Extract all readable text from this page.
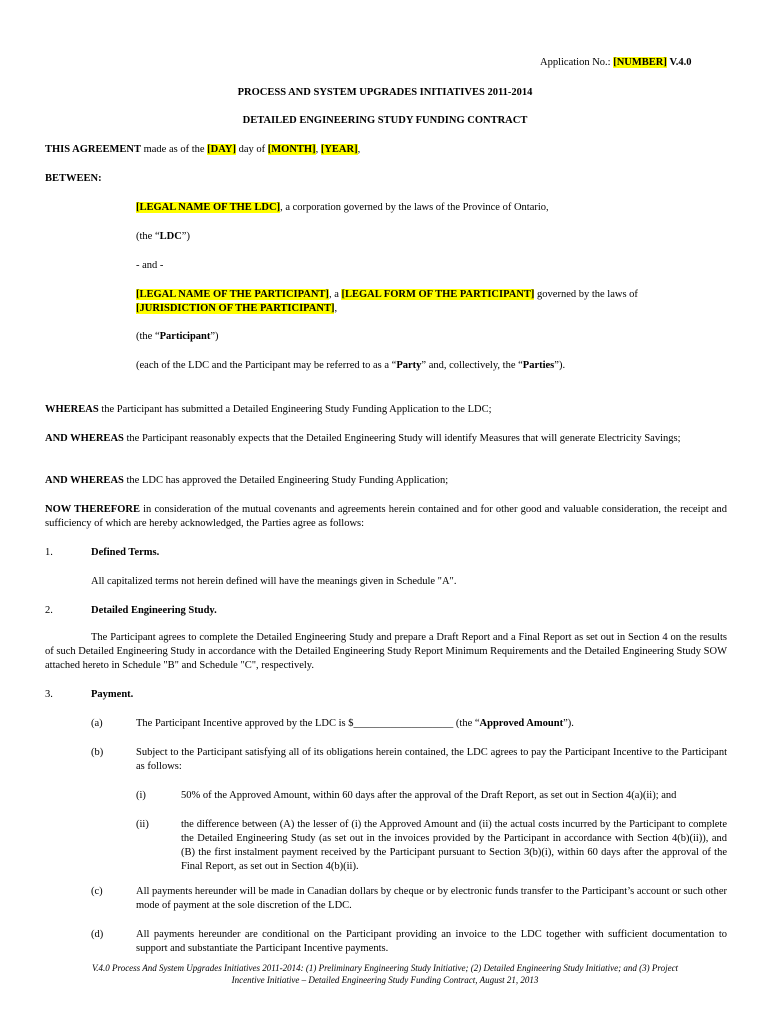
Application No.: [NUMBER] V.4.0
PROCESS AND SYSTEM UPGRADES INITIATIVES 2011-2014
DETAILED ENGINEERING STUDY FUNDING CONTRACT
THIS AGREEMENT made as of the [DAY] day of [MONTH], [YEAR],
BETWEEN:
[LEGAL NAME OF THE LDC], a corporation governed by the laws of the Province of Ontario,
(the “LDC”)
- and -
[LEGAL NAME OF THE PARTICIPANT], a [LEGAL FORM OF THE PARTICIPANT] governed by the laws of [JURISDICTION OF THE PARTICIPANT],
(the “Participant”)
(each of the LDC and the Participant may be referred to as a “Party” and, collectively, the “Parties”).
WHEREAS the Participant has submitted a Detailed Engineering Study Funding Application to the LDC;
AND WHEREAS the Participant reasonably expects that the Detailed Engineering Study will identify Measures that will generate Electricity Savings;
AND WHEREAS the LDC has approved the Detailed Engineering Study Funding Application;
NOW THEREFORE in consideration of the mutual covenants and agreements herein contained and for other good and valuable consideration, the receipt and sufficiency of which are hereby acknowledged, the Parties agree as follows:
1.	Defined Terms.
All capitalized terms not herein defined will have the meanings given in Schedule "A".
2.	Detailed Engineering Study.
The Participant agrees to complete the Detailed Engineering Study and prepare a Draft Report and a Final Report as set out in Section 4 on the results of such Detailed Engineering Study in accordance with the Detailed Engineering Study Report Minimum Requirements and the Detailed Engineering Study SOW attached hereto in Schedule "B" and Schedule "C", respectively.
3.	Payment.
(a)	The Participant Incentive approved by the LDC is $___________________ (the “Approved Amount”).
(b)	Subject to the Participant satisfying all of its obligations herein contained, the LDC agrees to pay the Participant Incentive to the Participant as follows:
(i)	50% of the Approved Amount, within 60 days after the approval of the Draft Report, as set out in Section 4(a)(ii); and
(ii)	the difference between (A) the lesser of (i) the Approved Amount and (ii) the actual costs incurred by the Participant to complete the Detailed Engineering Study (as set out in the invoices provided by the Participant in accordance with Section 4(b)(ii)), and (B) the first instalment payment received by the Participant pursuant to Section 3(b)(i), within 60 days after the approval of the Final Report, as set out in Section 4(b)(ii).
(c)	All payments hereunder will be made in Canadian dollars by cheque or by electronic funds transfer to the Participant’s account or such other mode of payment at the sole discretion of the LDC.
(d)	All payments hereunder are conditional on the Participant providing an invoice to the LDC together with sufficient documentation to support and substantiate the Participant Incentive payments.
V.4.0 Process And System Upgrades Initiatives 2011-2014: (1) Preliminary Engineering Study Initiative; (2) Detailed Engineering Study Initiative; and (3) Project
Incentive Initiative – Detailed Engineering Study Funding Contract, August 21, 2013
